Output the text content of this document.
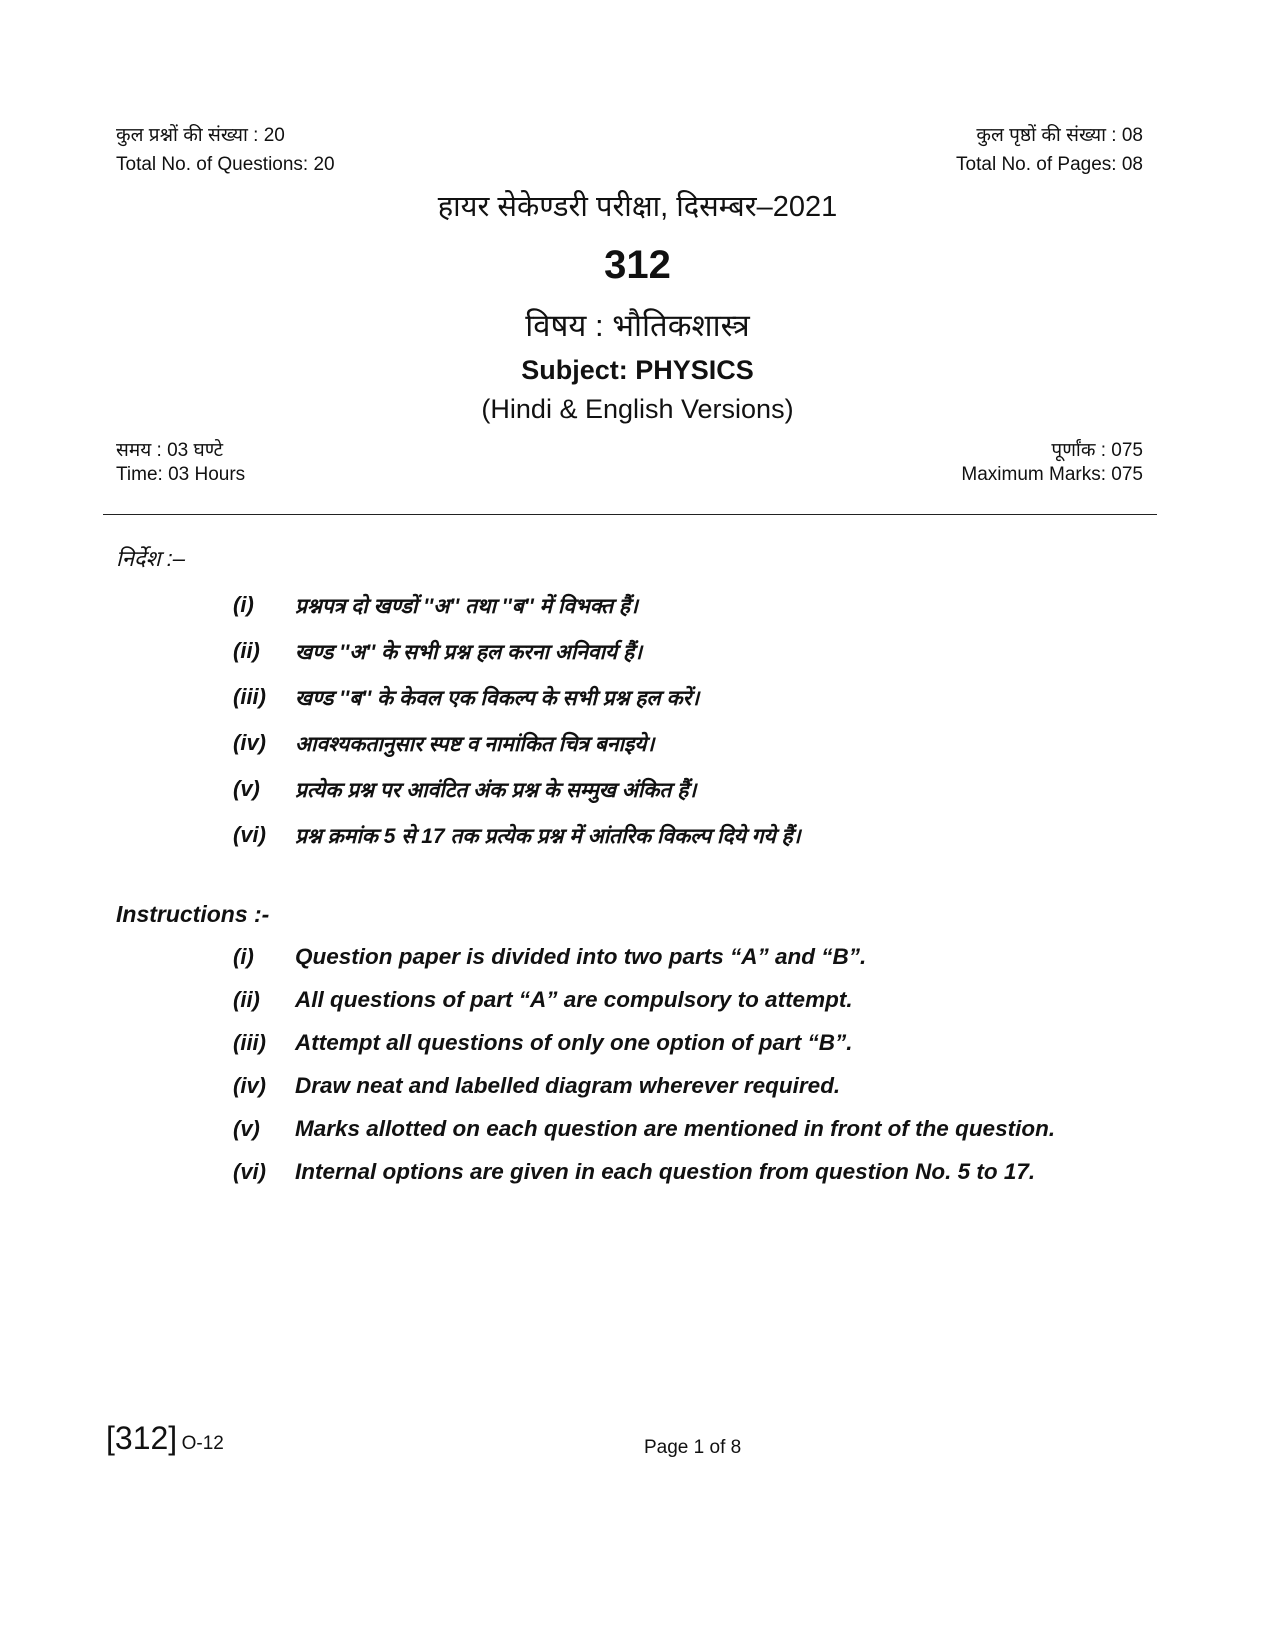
कुल प्रश्नों की संख्या : 20
Total No. of Questions: 20
कुल पृष्ठों की संख्या : 08
Total No. of Pages: 08
हायर सेकेण्डरी परीक्षा, दिसम्बर–2021
312
विषय : भौतिकशास्त्र
Subject: PHYSICS
(Hindi & English Versions)
समय : 03 घण्टे
Time: 03 Hours
पूर्णांक : 075
Maximum Marks: 075
निर्देश :–
(i) प्रश्नपत्र दो खण्डों ''अ'' तथा ''ब'' में विभक्त हैं।
(ii) खण्ड ''अ'' के सभी प्रश्न हल करना अनिवार्य हैं।
(iii) खण्ड ''ब'' के केवल एक विकल्प के सभी प्रश्न हल करें।
(iv) आवश्यकतानुसार स्पष्ट व नामांकित चित्र बनाइये।
(v) प्रत्येक प्रश्न पर आवंटित अंक प्रश्न के सम्मुख अंकित हैं।
(vi) प्रश्न क्रमांक 5 से 17 तक प्रत्येक प्रश्न में आंतरिक विकल्प दिये गये हैं।
Instructions :-
(i) Question paper is divided into two parts “A” and “B”.
(ii) All questions of part “A” are compulsory to attempt.
(iii) Attempt all questions of only one option of part “B”.
(iv) Draw neat and labelled diagram wherever required.
(v) Marks allotted on each question are mentioned in front of the question.
(vi) Internal options are given in each question from question No. 5 to 17.
[312] O-12	Page 1 of 8
